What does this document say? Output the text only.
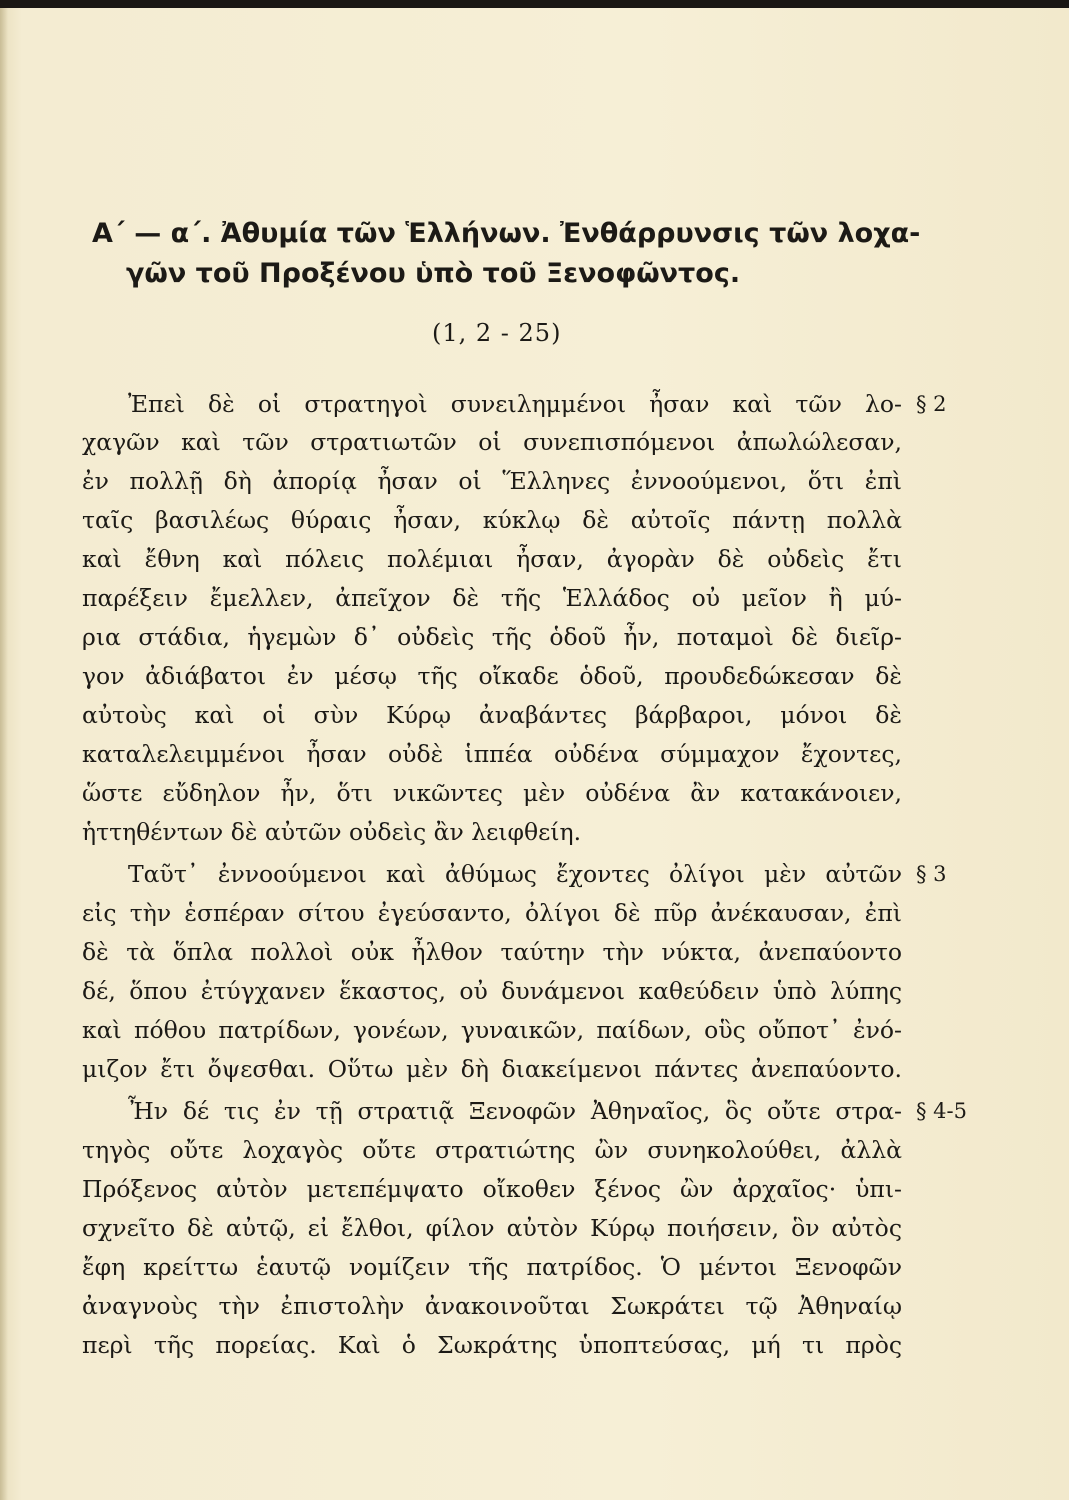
Α΄ — α΄. Ἀθυμία τῶν Ἑλλήνων. Ἐνθάρρυνσις τῶν λοχα-
γῶν τοῦ Προξένου ὑπὸ τοῦ Ξενοφῶντος.
(1, 2 - 25)
Ἐπεὶ δὲ οἱ στρατηγοὶ συνειλημμένοι ἦσαν καὶ τῶν λο-
χαγῶν καὶ τῶν στρατιωτῶν οἱ συνεπισπόμενοι ἀπωλώλεσαν,
ἐν πολλῇ δὴ ἀπορίᾳ ἦσαν οἱ Ἕλληνες ἐννοούμενοι, ὅτι ἐπὶ
ταῖς βασιλέως θύραις ἦσαν, κύκλῳ δὲ αὐτοῖς πάντῃ πολλὰ
καὶ ἔθνη καὶ πόλεις πολέμιαι ἦσαν, ἀγορὰν δὲ οὐδεὶς ἔτι
παρέξειν ἔμελλεν, ἀπεῖχον δὲ τῆς Ἑλλάδος οὐ μεῖον ἢ μύ-
ρια στάδια, ἡγεμὼν δ᾽ οὐδεὶς τῆς ὁδοῦ ἦν, ποταμοὶ δὲ διεῖρ-
γον ἀδιάβατοι ἐν μέσῳ τῆς οἴκαδε ὁδοῦ, προυδεδώκεσαν δὲ
αὐτοὺς καὶ οἱ σὺν Κύρῳ ἀναβάντες βάρβαροι, μόνοι δὲ
καταλελειμμένοι ἦσαν οὐδὲ ἱππέα οὐδένα σύμμαχον ἔχοντες,
ὥστε εὔδηλον ἦν, ὅτι νικῶντες μὲν οὐδένα ἂν κατακάνοιεν,
ἡττηθέντων δὲ αὐτῶν οὐδεὶς ἂν λειφθείη.
Ταῦτ᾽ ἐννοούμενοι καὶ ἀθύμως ἔχοντες ὀλίγοι μὲν αὐτῶν
εἰς τὴν ἑσπέραν σίτου ἐγεύσαντο, ὀλίγοι δὲ πῦρ ἀνέκαυσαν, ἐπὶ
δὲ τὰ ὅπλα πολλοὶ οὐκ ἦλθον ταύτην τὴν νύκτα, ἀνεπαύοντο
δέ, ὅπου ἐτύγχανεν ἕκαστος, οὐ δυνάμενοι καθεύδειν ὑπὸ λύπης
καὶ πόθου πατρίδων, γονέων, γυναικῶν, παίδων, οὓς οὔποτ᾽ ἐνό-
μιζον ἔτι ὄψεσθαι. Οὕτω μὲν δὴ διακείμενοι πάντες ἀνεπαύοντο.
Ἦν δέ τις ἐν τῇ στρατιᾷ Ξενοφῶν Ἀθηναῖος, ὃς οὔτε στρα-
τηγὸς οὔτε λοχαγὸς οὔτε στρατιώτης ὢν συνηκολούθει, ἀλλὰ
Πρόξενος αὐτὸν μετεπέμψατο οἴκοθεν ξένος ὢν ἀρχαῖος· ὑπι-
σχνεῖτο δὲ αὐτῷ, εἰ ἔλθοι, φίλον αὐτὸν Κύρῳ ποιήσειν, ὃν αὐτὸς
ἔφη κρείττω ἑαυτῷ νομίζειν τῆς πατρίδος. Ὁ μέντοι Ξενοφῶν
ἀναγνοὺς τὴν ἐπιστολὴν ἀνακοινοῦται Σωκράτει τῷ Ἀθηναίῳ
περὶ τῆς πορείας. Καὶ ὁ Σωκράτης ὑποπτεύσας, μή τι πρὸς
§ 2
§ 3
§ 4-5
